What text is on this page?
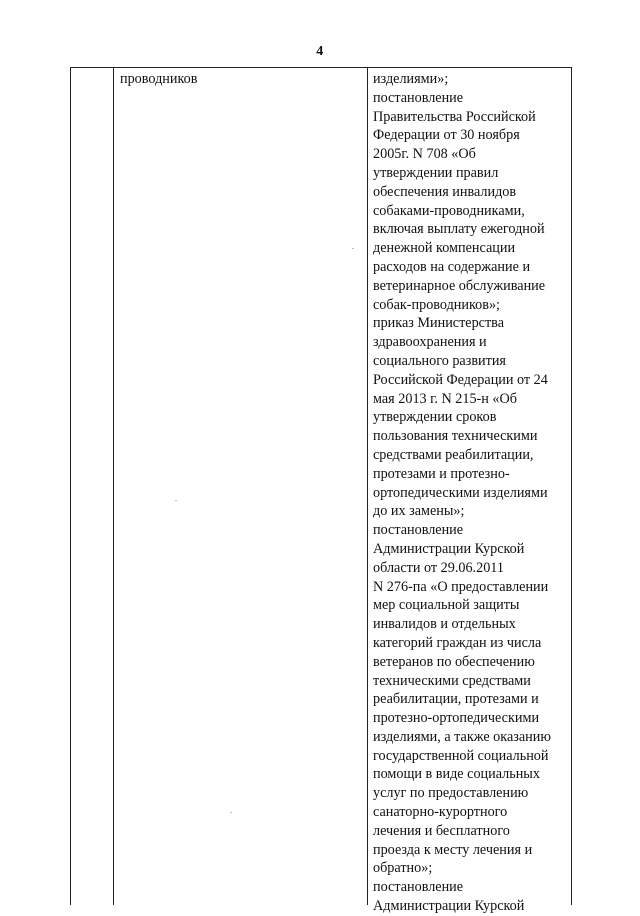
4
проводников	изделиями»;
постановление
Правительства Российской
Федерации от 30 ноября
2005г. N 708 «Об
утверждении правил
обеспечения инвалидов
собаками-проводниками,
включая выплату ежегодной
денежной компенсации
расходов на содержание и
ветеринарное обслуживание
собак-проводников»;
приказ Министерства
здравоохранения и
социального развития
Российской Федерации от 24
мая 2013 г. N 215-н «Об
утверждении сроков
пользования техническими
средствами реабилитации,
протезами и протезно-
ортопедическими изделиями
до их замены»;
постановление
Администрации Курской
области от 29.06.2011
N 276-па «О предоставлении
мер социальной защиты
инвалидов и отдельных
категорий граждан из числа
ветеранов по обеспечению
техническими средствами
реабилитации, протезами и
протезно-ортопедическими
изделиями, а также оказанию
государственной социальной
помощи в виде социальных
услуг по предоставлению
санаторно-курортного
лечения и бесплатного
проезда к месту лечения и
обратно»;
постановление
Администрации Курской
